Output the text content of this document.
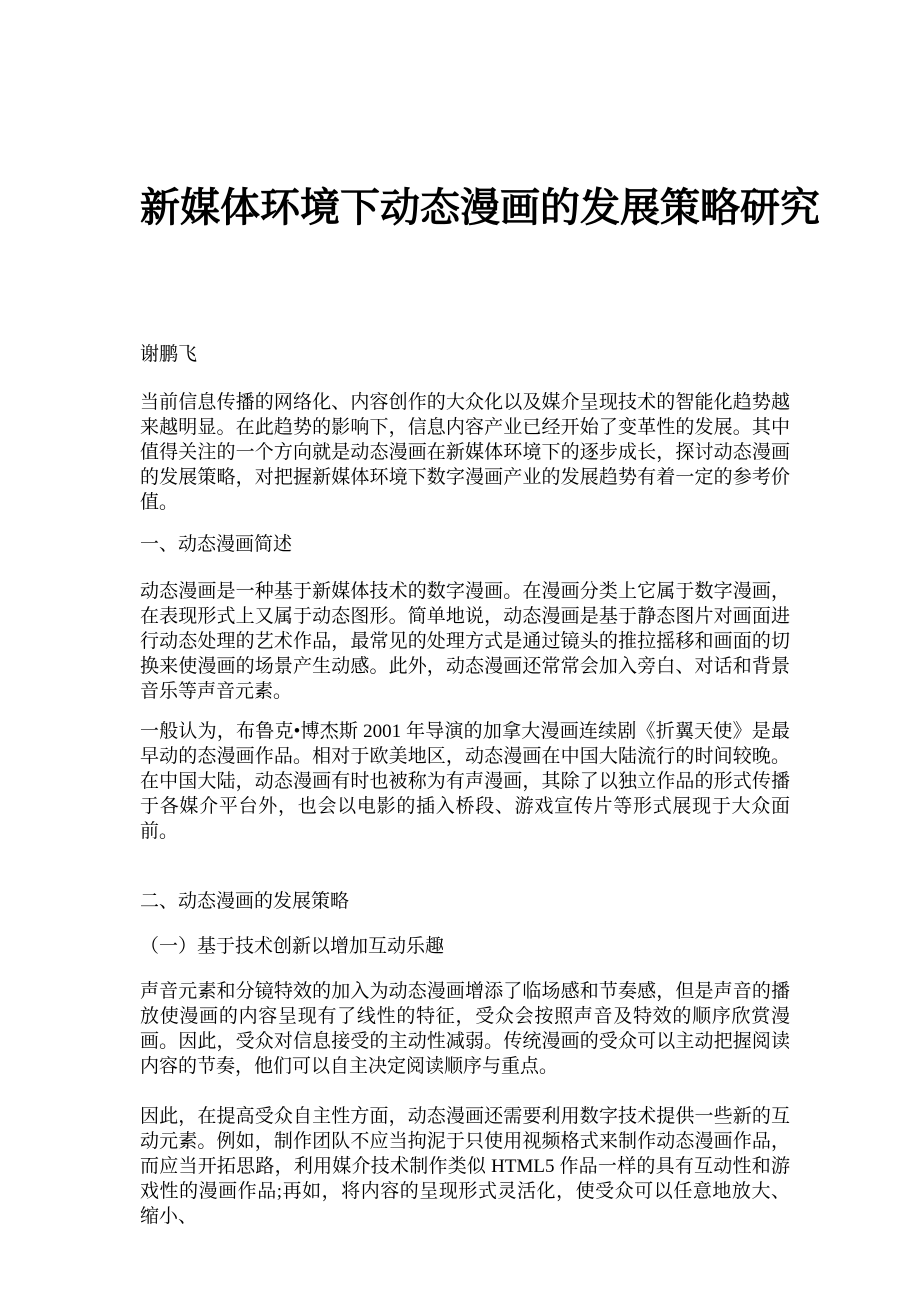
新媒体环境下动态漫画的发展策略研究
谢鹏飞
当前信息传播的网络化、内容创作的大众化以及媒介呈现技术的智能化趋势越来越明显。在此趋势的影响下，信息内容产业已经开始了变革性的发展。其中值得关注的一个方向就是动态漫画在新媒体环境下的逐步成长，探讨动态漫画的发展策略，对把握新媒体环境下数字漫画产业的发展趋势有着一定的参考价值。
一、动态漫画简述
动态漫画是一种基于新媒体技术的数字漫画。在漫画分类上它属于数字漫画，在表现形式上又属于动态图形。简单地说，动态漫画是基于静态图片对画面进行动态处理的艺术作品，最常见的处理方式是通过镜头的推拉摇移和画面的切换来使漫画的场景产生动感。此外，动态漫画还常常会加入旁白、对话和背景音乐等声音元素。
一般认为，布鲁克•博杰斯 2001 年导演的加拿大漫画连续剧《折翼天使》是最早动的态漫画作品。相对于欧美地区，动态漫画在中国大陆流行的时间较晚。在中国大陆，动态漫画有时也被称为有声漫画，其除了以独立作品的形式传播于各媒介平台外，也会以电影的插入桥段、游戏宣传片等形式展现于大众面前。
二、动态漫画的发展策略
（一）基于技术创新以增加互动乐趣
声音元素和分镜特效的加入为动态漫画增添了临场感和节奏感，但是声音的播放使漫画的内容呈现有了线性的特征，受众会按照声音及特效的顺序欣赏漫画。因此，受众对信息接受的主动性减弱。传统漫画的受众可以主动把握阅读内容的节奏，他们可以自主决定阅读顺序与重点。
因此，在提高受众自主性方面，动态漫画还需要利用数字技术提供一些新的互动元素。例如，制作团队不应当拘泥于只使用视频格式来制作动态漫画作品，而应当开拓思路，利用媒介技术制作类似 HTML5 作品一样的具有互动性和游戏性的漫画作品;再如，将内容的呈现形式灵活化，使受众可以任意地放大、缩小、
